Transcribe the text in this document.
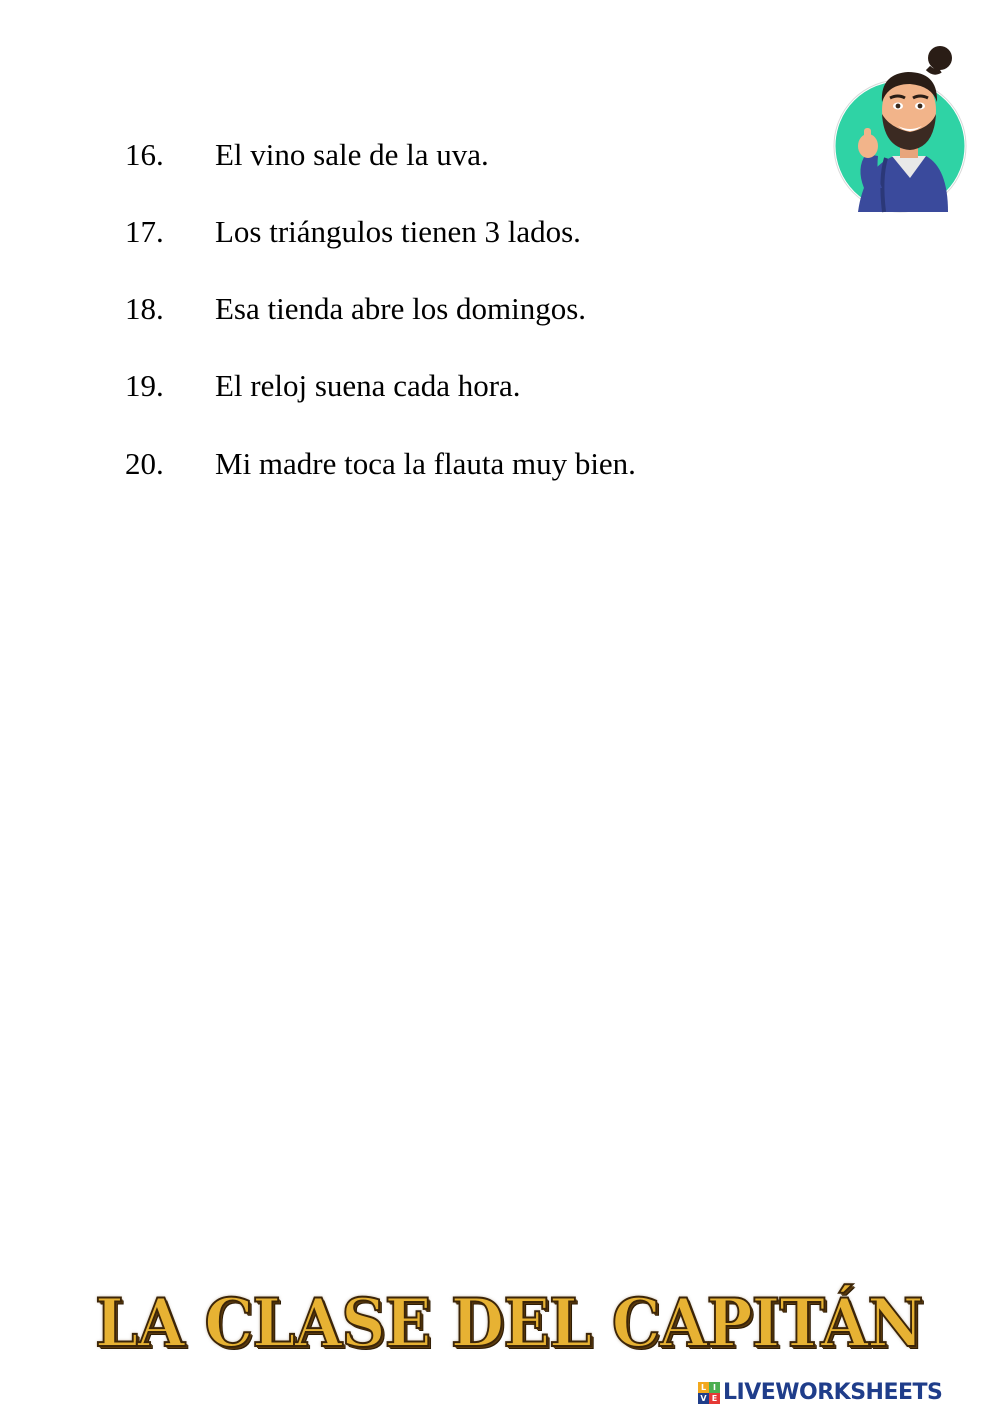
16. El vino sale de la uva.
17. Los triángulos tienen 3 lados.
18. Esa tienda abre los domingos.
19. El reloj suena cada hora.
20. Mi madre toca la flauta muy bien.
LA CLASE DEL CAPITÁN
L I
V E LIVEWORKSHEETS
